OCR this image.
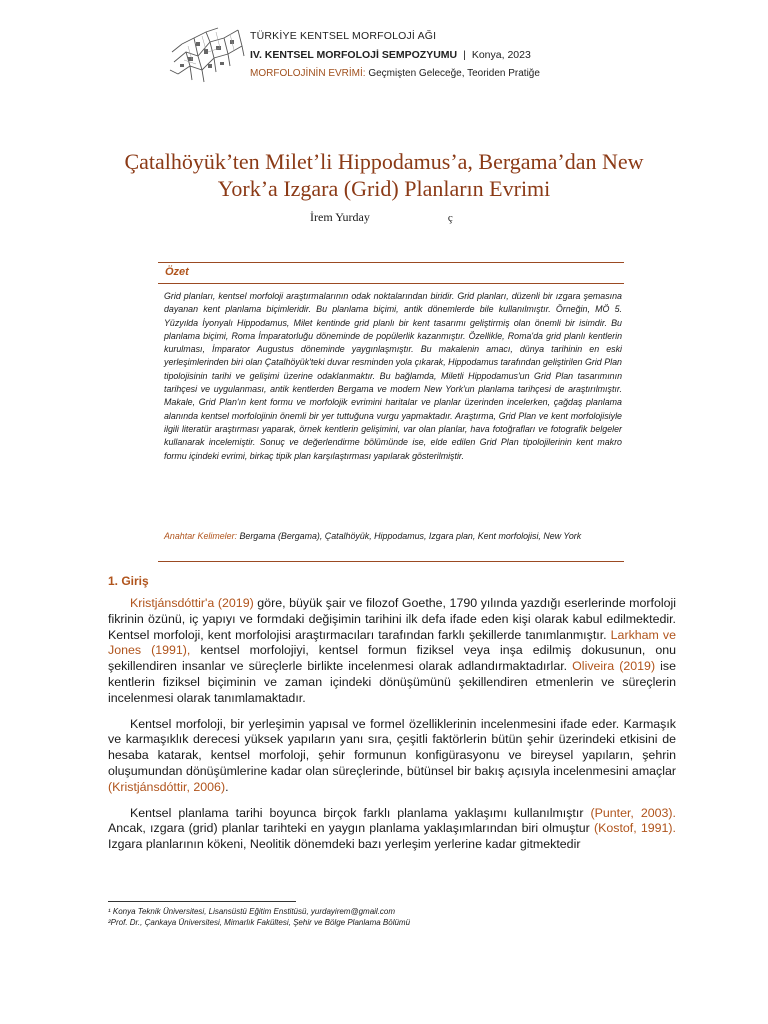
TÜRKİYE KENTSEL MORFOLOJİ AĞI
IV. KENTSEL MORFOLOJİ SEMPOZYUMU | Konya, 2023
MORFOLOJİNİN EVRİMİ: Geçmişten Geleceğe, Teoriden Pratiğe
Çatalhöyük’ten Milet’li Hippodamus’a, Bergama’dan New York’a Izgara (Grid) Planların Evrimi
İrem Yurday	ç
Özet
Grid planları, kentsel morfoloji araştırmalarının odak noktalarından biridir. Grid planları, düzenli bir ızgara şemasına dayanan kent planlama biçimleridir. Bu planlama biçimi, antik dönemlerde bile kullanılmıştır. Örneğin, MÖ 5. Yüzyılda İyonyalı Hippodamus, Milet kentinde grid planlı bir kent tasarımı geliştirmiş olan önemli bir isimdir. Bu planlama biçimi, Roma İmparatorluğu döneminde de popülerlik kazanmıştır. Özellikle, Roma'da grid planlı kentlerin kurulması, İmparator Augustus döneminde yaygınlaşmıştır. Bu makalenin amacı, dünya tarihinin en eski yerleşimlerinden biri olan Çatalhöyük'teki duvar resminden yola çıkarak, Hippodamus tarafından geliştirilen Grid Plan tipolojisinin tarihi ve gelişimi üzerine odaklanmaktır. Bu bağlamda, Miletli Hippodamus'un Grid Plan tasarımının tarihçesi ve uygulanması, antik kentlerden Bergama ve modern New York'un planlama tarihçesi de araştırılmıştır. Makale, Grid Plan'ın kent formu ve morfolojik evrimini haritalar ve planlar üzerinden incelerken, çağdaş planlama alanında kentsel morfolojinin önemli bir yer tuttuğuna vurgu yapmaktadır. Araştırma, Grid Plan ve kent morfolojisiyle ilgili literatür araştırması yaparak, örnek kentlerin gelişimini, var olan planlar, hava fotoğrafları ve fotografik belgeler kullanarak incelemiştir. Sonuç ve değerlendirme bölümünde ise, elde edilen Grid Plan tipolojilerinin kent makro formu içindeki evrimi, birkaç tipik plan karşılaştırması yapılarak gösterilmiştir.
Anahtar Kelimeler: Bergama (Bergama), Çatalhöyük, Hippodamus, Izgara plan, Kent morfolojisi, New York
1. Giriş

Kristjánsdóttir'a (2019) göre, büyük şair ve filozof Goethe, 1790 yılında yazdığı eserlerinde morfoloji fikrinin özünü, iç yapıyı ve formdaki değişimin tarihini ilk defa ifade eden kişi olarak kabul edilmektedir. Kentsel morfoloji, kent morfolojisi araştırmacıları tarafından farklı şekillerde tanımlanmıştır. Larkham ve Jones (1991), kentsel morfolojiyi, kentsel formun fiziksel veya inşa edilmiş dokusunun, onu şekillendiren insanlar ve süreçlerle birlikte incelenmesi olarak adlandırmaktadırlar. Oliveira (2019) ise kentlerin fiziksel biçiminin ve zaman içindeki dönüşümünü şekillendiren etmenlerin ve süreçlerin incelenmesi olarak tanımlamaktadır.

Kentsel morfoloji, bir yerleşimin yapısal ve formel özelliklerinin incelenmesini ifade eder. Karmaşık ve karmaşıklık derecesi yüksek yapıların yanı sıra, çeşitli faktörlerin bütün şehir üzerindeki etkisini de hesaba katarak, kentsel morfoloji, şehir formunun konfigürasyonu ve bireysel yapıların, şehrin oluşumundan dönüşümlerine kadar olan süreçlerinde, bütünsel bir bakış açısıyla incelenmesini amaçlar (Kristjánsdóttir, 2006).

Kentsel planlama tarihi boyunca birçok farklı planlama yaklaşımı kullanılmıştır (Punter, 2003). Ancak, ızgara (grid) planlar tarihteki en yaygın planlama yaklaşımlarından biri olmuştur (Kostof, 1991). Izgara planlarının kökeni, Neolitik dönemdeki bazı yerleşim yerlerine kadar gitmektedir

¹ Konya Teknik Üniversitesi, Lisansüstü Eğitim Enstitüsü, yurdayirem@gmail.com
²Prof. Dr., Çankaya Üniversitesi, Mimarlık Fakültesi, Şehir ve Bölge Planlama Bölümü
